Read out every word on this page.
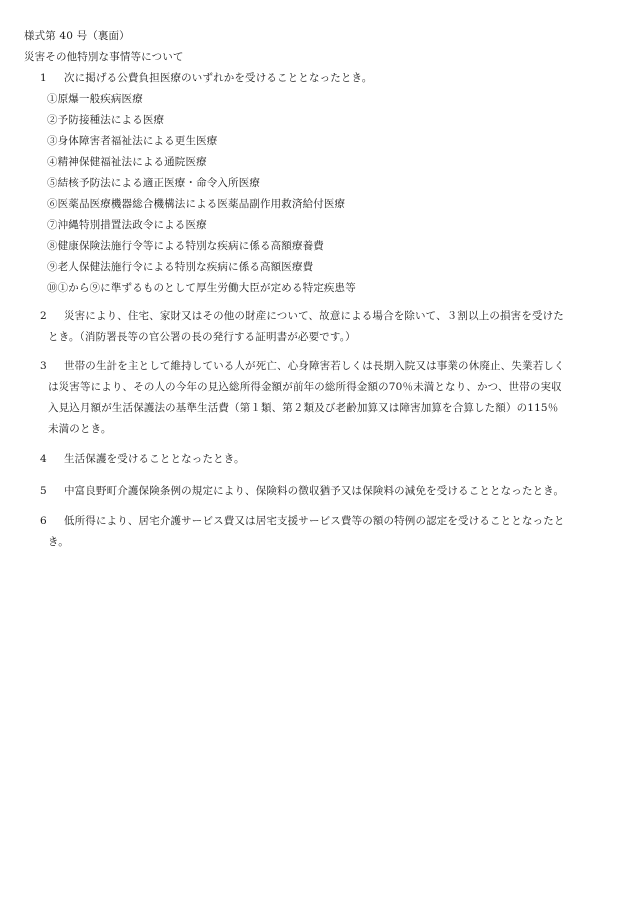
様式第 40 号（裏面）
災害その他特別な事情等について
1 次に掲げる公費負担医療のいずれかを受けることとなったとき。
①原爆一般疾病医療
②予防接種法による医療
③身体障害者福祉法による更生医療
④精神保健福祉法による通院医療
⑤結核予防法による適正医療・命令入所医療
⑥医薬品医療機器総合機構法による医薬品副作用救済給付医療
⑦沖縄特別措置法政令による医療
⑧健康保険法施行令等による特別な疾病に係る高額療養費
⑨老人保健法施行令による特別な疾病に係る高額医療費
⑩①から⑨に準ずるものとして厚生労働大臣が定める特定疾患等
2 災害により、住宅、家財又はその他の財産について、故意による場合を除いて、３割以上の損害を受けた
とき。（消防署長等の官公署の長の発行する証明書が必要です。）
3 世帯の生計を主として維持している人が死亡、心身障害若しくは長期入院又は事業の休廃止、失業若しく
は災害等により、その人の今年の見込総所得金額が前年の総所得金額の70％未満となり、かつ、世帯の実収
入見込月額が生活保護法の基準生活費（第１類、第２類及び老齢加算又は障害加算を合算した額）の115％
未満のとき。
4 生活保護を受けることとなったとき。
5 中富良野町介護保険条例の規定により、保険料の徴収猶予又は保険料の減免を受けることとなったとき。
6 低所得により、居宅介護サービス費又は居宅支援サービス費等の額の特例の認定を受けることとなったと
き。
